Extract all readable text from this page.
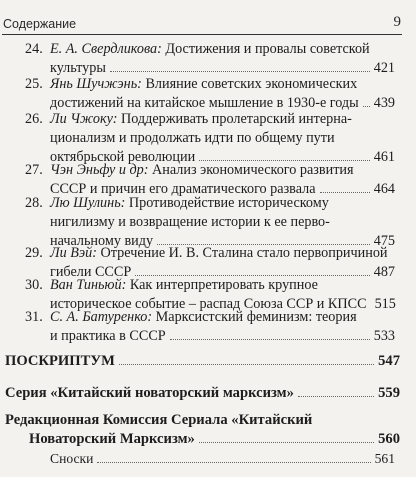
Содержание	9
24. Е. А. Свердликова: Достижения и провалы советской
культуры	421
25. Янь Шучжэнь: Влияние советских экономических
достижений на китайское мышление в 1930-е годы 439
26. Ли Чжоку: Поддерживать пролетарский интерна-
ционализм и продолжать идти по общему пути
октябрьской революции	461
27. Чэн Эньфу и др: Анализ экономического развития
СССР и причин его драматического развала	464
28. Лю Шулинь: Противодействие историческому
нигилизму и возвращение истории к ее перво-
начальному виду	475
29. Ли Вэй: Отречение И. В. Сталина стало первопричиной
гибели СССР	487
30. Ван Тиньюй: Как интерпретировать крупное
историческое событие – распад Союза ССР и КПСС 515
31. С. А. Батуренко: Марксистский феминизм: теория
и практика в СССР	533
ПОСКРИПТУМ	547
Серия «Китайский новаторский марксизм»	559
Редакционная Комиссия Сериала «Китайский
Новаторский Марксизм»	560
Сноски	561
